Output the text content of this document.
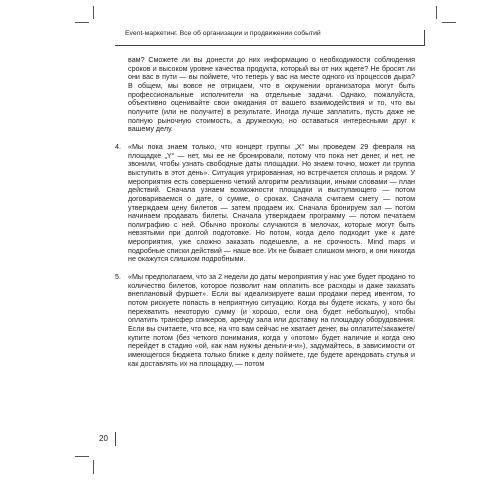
Event-маркетинг. Все об организации и продвижении событий

вам? Сможете ли вы донести до них информацию о необходимости соблюдения сроков и высоком уровне качества продукта, который вы от них ждете? Не бросят ли они вас в пути — вы поймете, что теперь у вас на месте одного из процессов дыра? В общем, мы вовсе не отрицаем, что в окружении организатора могут быть профессиональные исполнители на отдельные задачи. Однако, пожалуйста, объективно оценивайте свои ожидания от вашего взаимодействия и то, что вы получите (или не получите) в результате. Иногда лучше заплатить, пусть даже не полную рыночную стоимость, а дружескую, но оставаться интересными друг к вашему делу.

4. «Мы пока знаем только, что концерт группы „X“ мы проведем 29 февраля на площадке „Y“ — нет, мы ее не бронировали, потому что пока нет денег, и нет, не звонили, чтобы узнать свободные даты площадки. Но знаем точно, может ли группа выступить в этот день». Ситуация утрированная, но встречается сплошь и рядом. У мероприятия есть совершенно четкий алгоритм реализации, иными словами — план действий. Сначала узнаем возможности площадки и выступающего — потом договариваемся о дате, о сумме, о сроках. Сначала считаем смету — потом утверждаем цену билетов — затем продаем их. Сначала бронируем зал — потом начинаем продавать билеты. Сначала утверждаем программу — потом печатаем полиграфию с ней. Обычно проколы случаются в мелочах, которые могут быть невзятыми при долгой подготовке. Но потом, когда дело подходит уже к дате мероприятия, уже сложно заказать подешевле, а не срочность. Mind maps и подробные списки действий — наше все. Их не бывает слишком много, и они никогда не окажутся слишком подробными.
5. «Мы предполагаем, что за 2 недели до даты мероприятия у нас уже будет продано то количество билетов, которое позволит нам оплатить все расходы и даже заказать внеплановый фуршет». Если вы идеализируете ваши продажи перед ивентом, то потом рискуете попасть в неприятную ситуацию. Когда вы будете искать, у кого бы перехватить некоторую сумму (и хорошо, если она будет небольшую), чтобы оплатить трансфер спикеров, аренду зала или доставку на площадку оборудования. Если вы считаете, что все, на что вам сейчас не хватает денег, вы оплатите/закажете/купите потом (без четкого понимания, когда у «потом» будет наличие и когда оно перейдет в стадию «ой, как нам нужны деньги-и-и»), задумайтесь, в зависимости от имеющегося бюджета только ближе к делу поймете, где будете арендовать стулья и как доставлять их на площадку, — потом
20
